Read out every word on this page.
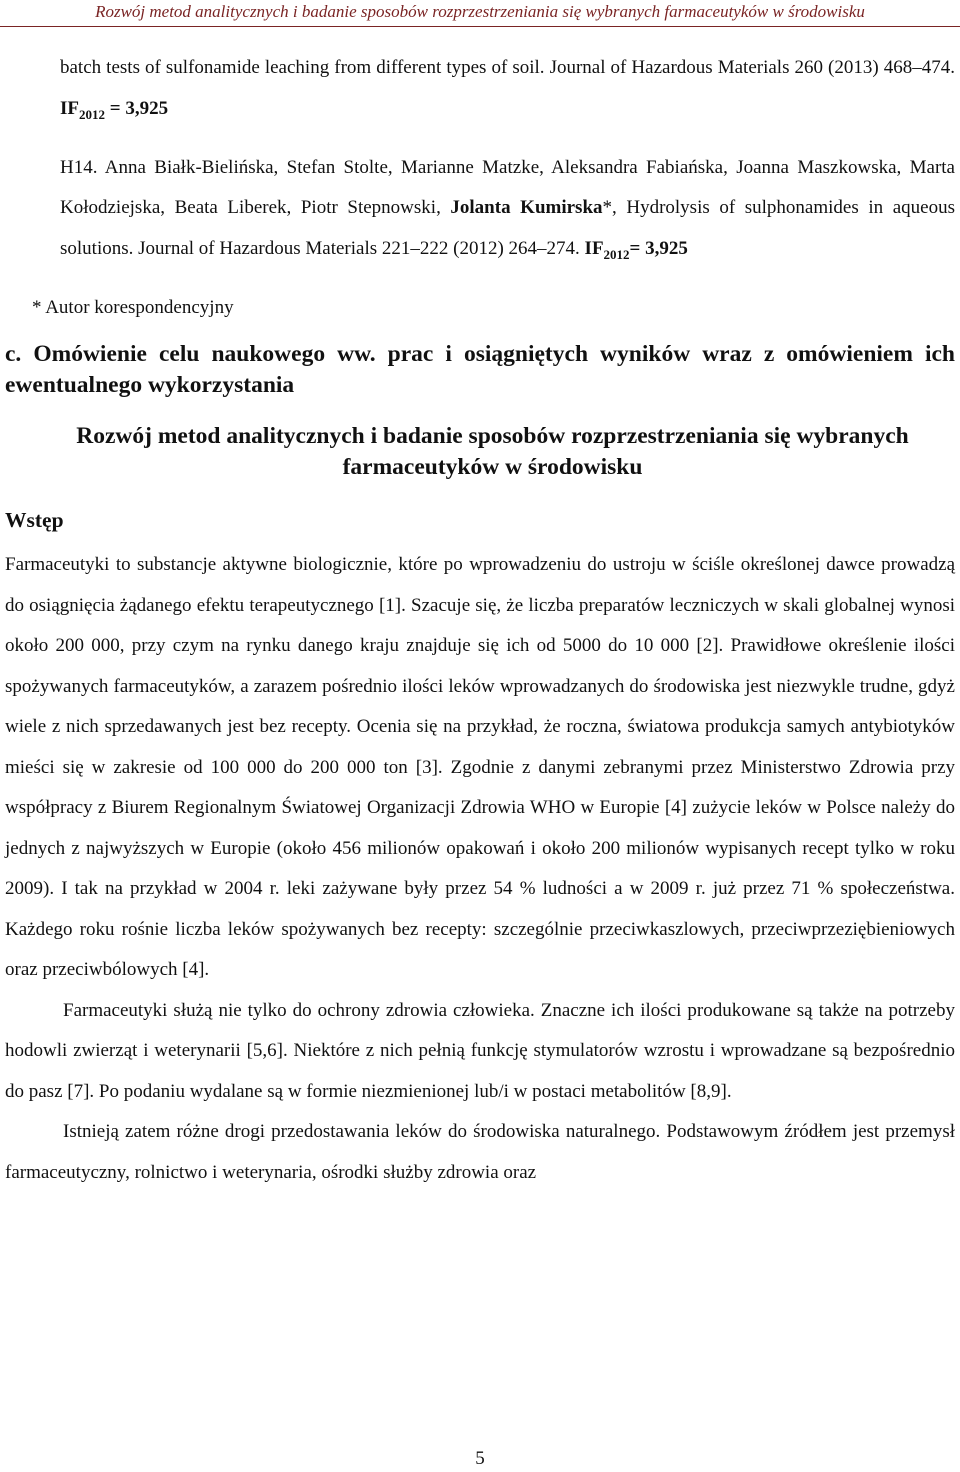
Rozwój metod analitycznych i badanie sposobów rozprzestrzeniania się wybranych farmaceutyków w środowisku

batch tests of sulfonamide leaching from different types of soil. Journal of Hazardous Materials 260 (2013) 468–474. $IF_{2012} = 3,925$

H14. Anna Białk-Bielińska, Stefan Stolte, Marianne Matzke, Aleksandra Fabiańska, Joanna Maszkowska, Marta Kołodziejska, Beata Liberek, Piotr Stepnowski, Jolanta Kumirska*, Hydrolysis of sulphonamides in aqueous solutions. Journal of Hazardous Materials 221–222 (2012) 264–274. $IF_{2012}= 3,925$

* Autor korespondencyjny

c. Omówienie celu naukowego ww. prac i osiągniętych wyników wraz z omówieniem ich ewentualnego wykorzystania

Rozwój metod analitycznych i badanie sposobów rozprzestrzeniania się wybranych farmaceutyków w środowisku

Wstęp

Farmaceutyki to substancje aktywne biologicznie, które po wprowadzeniu do ustroju w ściśle określonej dawce prowadzą do osiągnięcia żądanego efektu terapeutycznego [1]. Szacuje się, że liczba preparatów leczniczych w skali globalnej wynosi około 200 000, przy czym na rynku danego kraju znajduje się ich od 5000 do 10 000 [2]. Prawidłowe określenie ilości spożywanych farmaceutyków, a zarazem pośrednio ilości leków wprowadzanych do środowiska jest niezwykle trudne, gdyż wiele z nich sprzedawanych jest bez recepty. Ocenia się na przykład, że roczna, światowa produkcja samych antybiotyków mieści się w zakresie od 100 000 do 200 000 ton [3]. Zgodnie z danymi zebranymi przez Ministerstwo Zdrowia przy współpracy z Biurem Regionalnym Światowej Organizacji Zdrowia WHO w Europie [4] zużycie leków w Polsce należy do jednych z najwyższych w Europie (około 456 milionów opakowań i około 200 milionów wypisanych recept tylko w roku 2009). I tak na przykład w 2004 r. leki zażywane były przez 54 % ludności a w 2009 r. już przez 71 % społeczeństwa. Każdego roku rośnie liczba leków spożywanych bez recepty: szczególnie przeciwkaszlowych, przeciwprzeziębieniowych oraz przeciwbólowych [4].

Farmaceutyki służą nie tylko do ochrony zdrowia człowieka. Znaczne ich ilości produkowane są także na potrzeby hodowli zwierząt i weterynarii [5,6]. Niektóre z nich pełnią funkcję stymulatorów wzrostu i wprowadzane są bezpośrednio do pasz [7]. Po podaniu wydalane są w formie niezmienionej lub/i w postaci metabolitów [8,9].

Istnieją zatem różne drogi przedostawania leków do środowiska naturalnego. Podstawowym źródłem jest przemysł farmaceutyczny, rolnictwo i weterynaria, ośrodki służby zdrowia oraz

5
